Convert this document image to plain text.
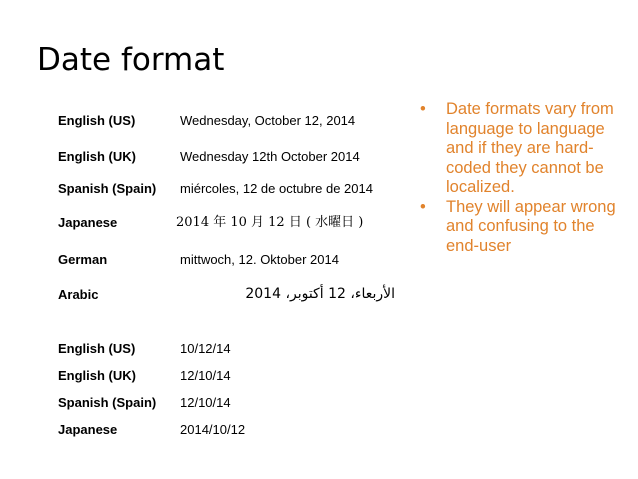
Date format
English (US)	Wednesday, October 12, 2014
English (UK)	Wednesday 12th October 2014
Spanish (Spain) miércoles, 12 de octubre de 2014
Japanese	2014 年 10 月 12 日 ( 水曜日 )
German	mittwoch, 12. Oktober 2014
Arabic	الأربعاء، 12 أكتوبر، 2014
English (US)	10/12/14
English (UK)	12/10/14
Spanish (Spain) 12/10/14
Japanese	2014/10/12
• Date formats vary from language to language and if they are hard-coded they cannot be localized.
• They will appear wrong and confusing to the end-user
